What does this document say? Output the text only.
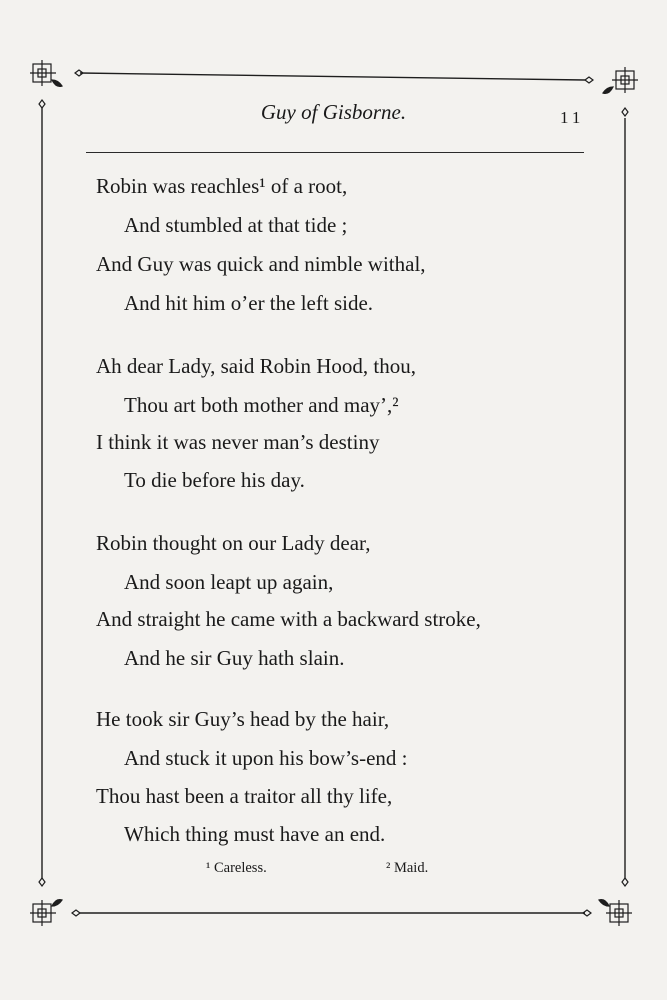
Guy of Gisborne.	11
Robin was reachles¹ of a root,
And stumbled at that tide ;
And Guy was quick and nimble withal,
And hit him o’er the left side.
Ah dear Lady, said Robin Hood, thou,
Thou art both mother and may’,²
I think it was never man’s destiny
To die before his day.
Robin thought on our Lady dear,
And soon leapt up again,
And straight he came with a backward stroke,
And he sir Guy hath slain.
He took sir Guy’s head by the hair,
And stuck it upon his bow’s-end :
Thou hast been a traitor all thy life,
Which thing must have an end.
¹ Careless.	² Maid.
